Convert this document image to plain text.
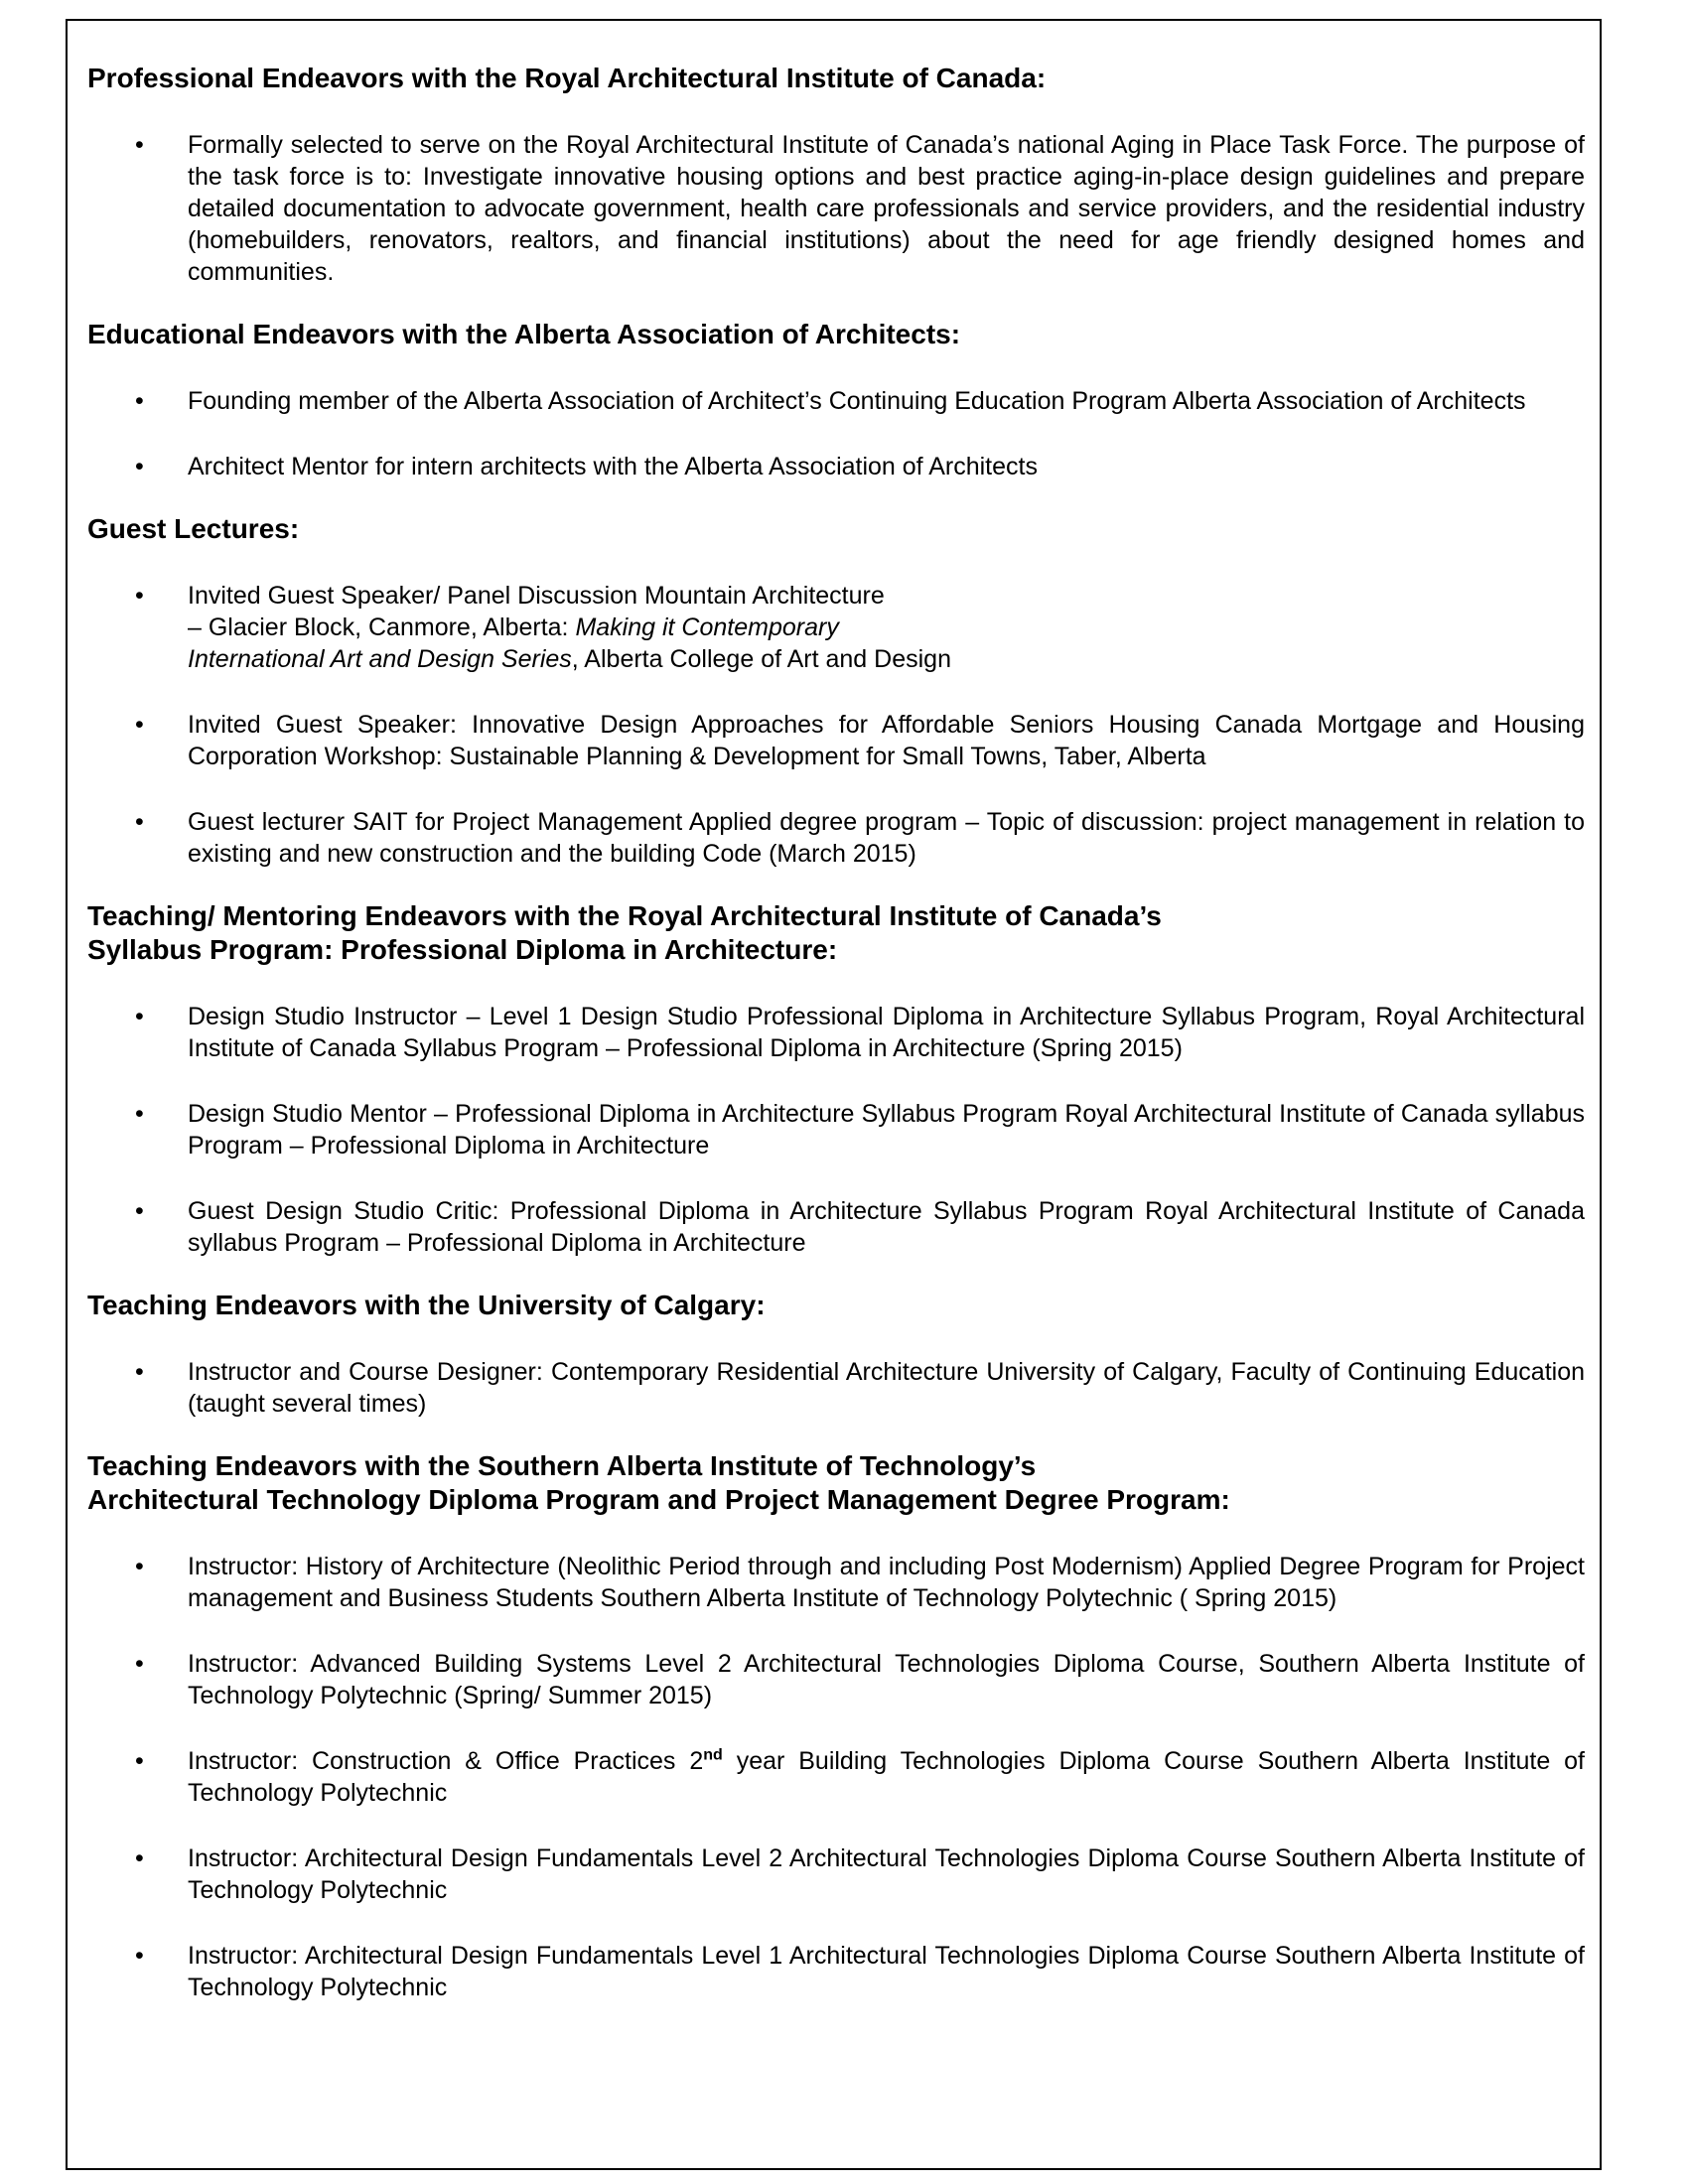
Professional Endeavors with the Royal Architectural Institute of Canada:
• Formally selected to serve on the Royal Architectural Institute of Canada’s national Aging in Place Task Force. The purpose of the task force is to: Investigate innovative housing options and best practice aging-in-place design guidelines and prepare detailed documentation to advocate government, health care professionals and service providers, and the residential industry (homebuilders, renovators, realtors, and financial institutions) about the need for age friendly designed homes and communities.
Educational Endeavors with the Alberta Association of Architects:
• Founding member of the Alberta Association of Architect’s Continuing Education Program Alberta Association of Architects
• Architect Mentor for intern architects with the Alberta Association of Architects
Guest Lectures:
• Invited Guest Speaker/ Panel Discussion Mountain Architecture
– Glacier Block, Canmore, Alberta: Making it Contemporary
International Art and Design Series, Alberta College of Art and Design
• Invited Guest Speaker: Innovative Design Approaches for Affordable Seniors Housing Canada Mortgage and Housing Corporation Workshop: Sustainable Planning & Development for Small Towns, Taber, Alberta
• Guest lecturer SAIT for Project Management Applied degree program – Topic of discussion: project management in relation to existing and new construction and the building Code (March 2015)
Teaching/ Mentoring Endeavors with the Royal Architectural Institute of Canada’s
Syllabus Program: Professional Diploma in Architecture:
• Design Studio Instructor – Level 1 Design Studio Professional Diploma in Architecture Syllabus Program, Royal Architectural Institute of Canada Syllabus Program – Professional Diploma in Architecture (Spring 2015)
• Design Studio Mentor – Professional Diploma in Architecture Syllabus Program Royal Architectural Institute of Canada syllabus Program – Professional Diploma in Architecture
• Guest Design Studio Critic: Professional Diploma in Architecture Syllabus Program Royal Architectural Institute of Canada syllabus Program – Professional Diploma in Architecture
Teaching Endeavors with the University of Calgary:
• Instructor and Course Designer: Contemporary Residential Architecture University of Calgary, Faculty of Continuing Education (taught several times)
Teaching Endeavors with the Southern Alberta Institute of Technology’s
Architectural Technology Diploma Program and Project Management Degree Program:
• Instructor: History of Architecture (Neolithic Period through and including Post Modernism) Applied Degree Program for Project management and Business Students Southern Alberta Institute of Technology Polytechnic ( Spring 2015)
• Instructor: Advanced Building Systems Level 2 Architectural Technologies Diploma Course, Southern Alberta Institute of Technology Polytechnic (Spring/ Summer 2015)
• Instructor: Construction & Office Practices 2nd year Building Technologies Diploma Course Southern Alberta Institute of Technology Polytechnic
• Instructor: Architectural Design Fundamentals Level 2 Architectural Technologies Diploma Course Southern Alberta Institute of Technology Polytechnic
• Instructor: Architectural Design Fundamentals Level 1 Architectural Technologies Diploma Course Southern Alberta Institute of Technology Polytechnic
